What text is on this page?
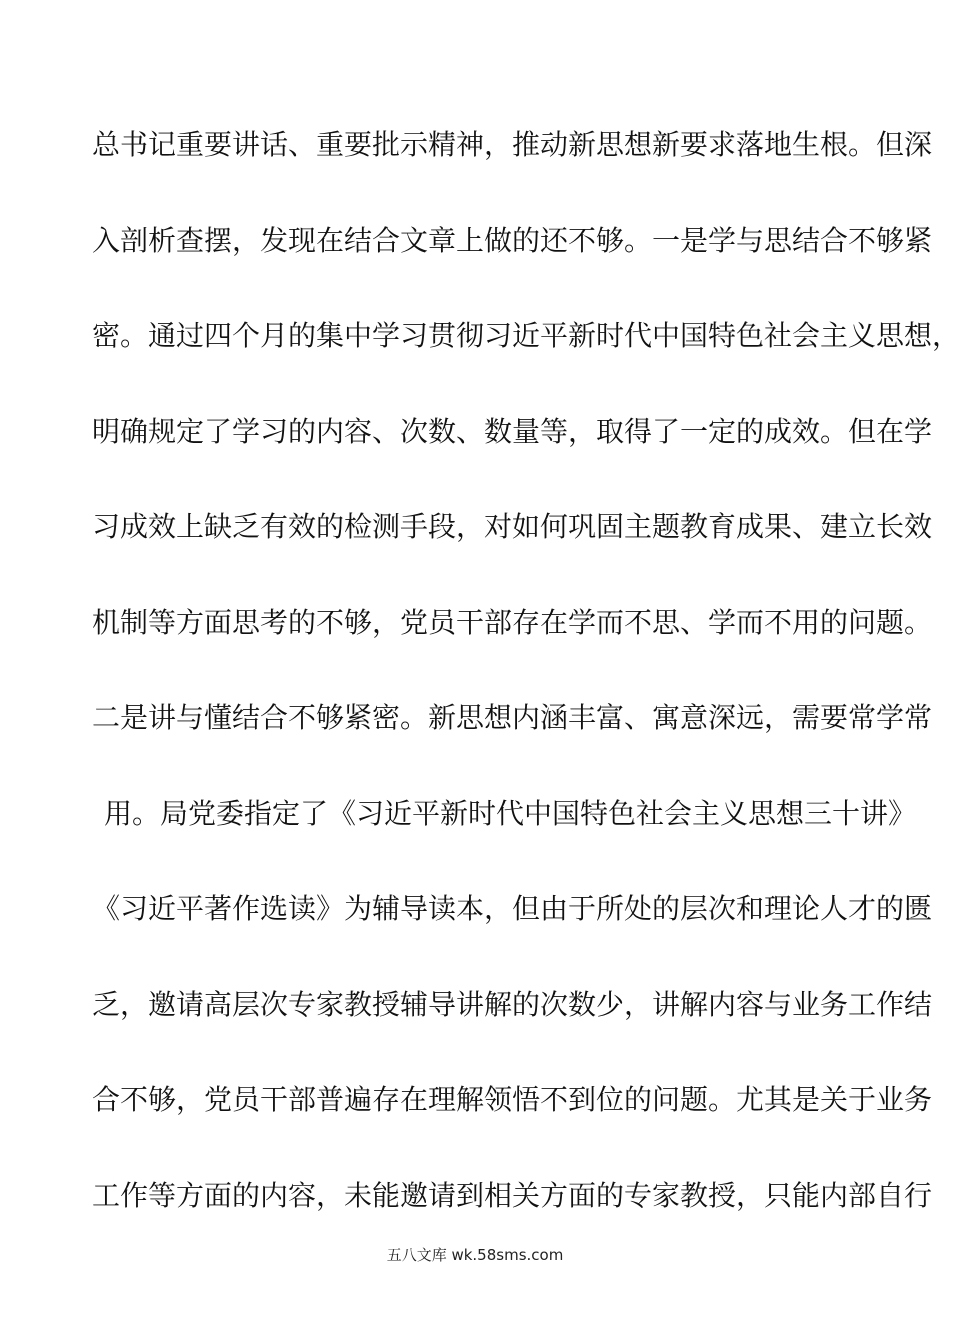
总书记重要讲话、重要批示精神，推动新思想新要求落地生根。但深
入剖析查摆，发现在结合文章上做的还不够。一是学与思结合不够紧
密。通过四个月的集中学习贯彻习近平新时代中国特色社会主义思想，
明确规定了学习的内容、次数、数量等，取得了一定的成效。但在学
习成效上缺乏有效的检测手段，对如何巩固主题教育成果、建立长效
机制等方面思考的不够，党员干部存在学而不思、学而不用的问题。
二是讲与懂结合不够紧密。新思想内涵丰富、寓意深远，需要常学常
用。局党委指定了《习近平新时代中国特色社会主义思想三十讲》
《习近平著作选读》为辅导读本，但由于所处的层次和理论人才的匮
乏，邀请高层次专家教授辅导讲解的次数少，讲解内容与业务工作结
合不够，党员干部普遍存在理解领悟不到位的问题。尤其是关于业务
工作等方面的内容，未能邀请到相关方面的专家教授，只能内部自行
五八文库 wk.58sms.com
